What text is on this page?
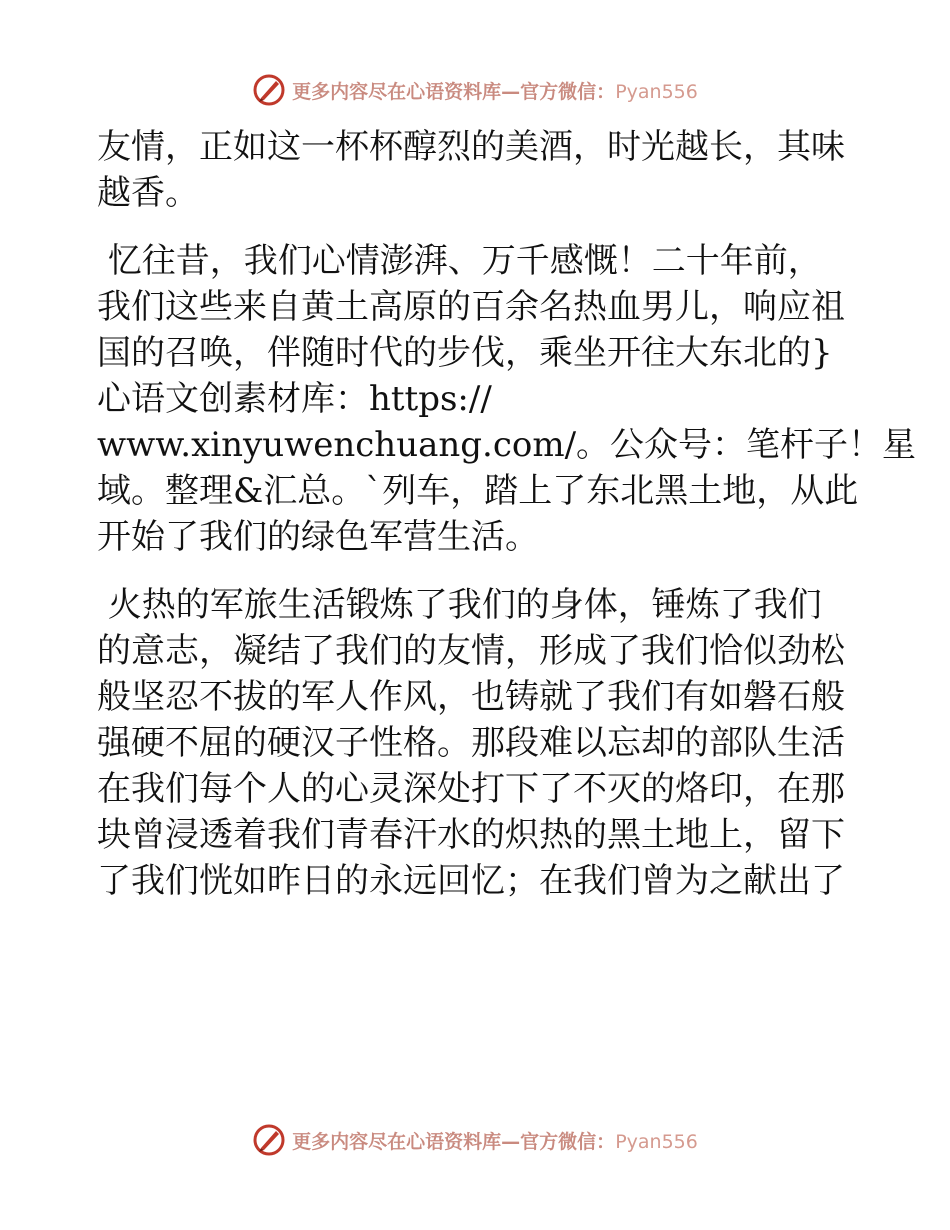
更多内容尽在心语资料库—官方微信：Pyan556

友情，正如这一杯杯醇烈的美酒，时光越长，其味

越香。

忆往昔，我们心情澎湃、万千感慨！二十年前，

我们这些来自黄土高原的百余名热血男儿，响应祖

国的召唤，伴随时代的步伐，乘坐开往大东北的}

心语文创素材库：https://

www.xinyuwenchuang.com/。公众号：笔杆子！星

域。整理&汇总。`列车，踏上了东北黑土地，从此

开始了我们的绿色军营生活。

火热的军旅生活锻炼了我们的身体，锤炼了我们

的意志，凝结了我们的友情，形成了我们恰似劲松

般坚忍不拔的军人作风，也铸就了我们有如磐石般

强硬不屈的硬汉子性格。那段难以忘却的部队生活

在我们每个人的心灵深处打下了不灭的烙印，在那

块曾浸透着我们青春汗水的炽热的黑土地上，留下

了我们恍如昨日的永远回忆；在我们曾为之献出了

更多内容尽在心语资料库—官方微信：Pyan556
